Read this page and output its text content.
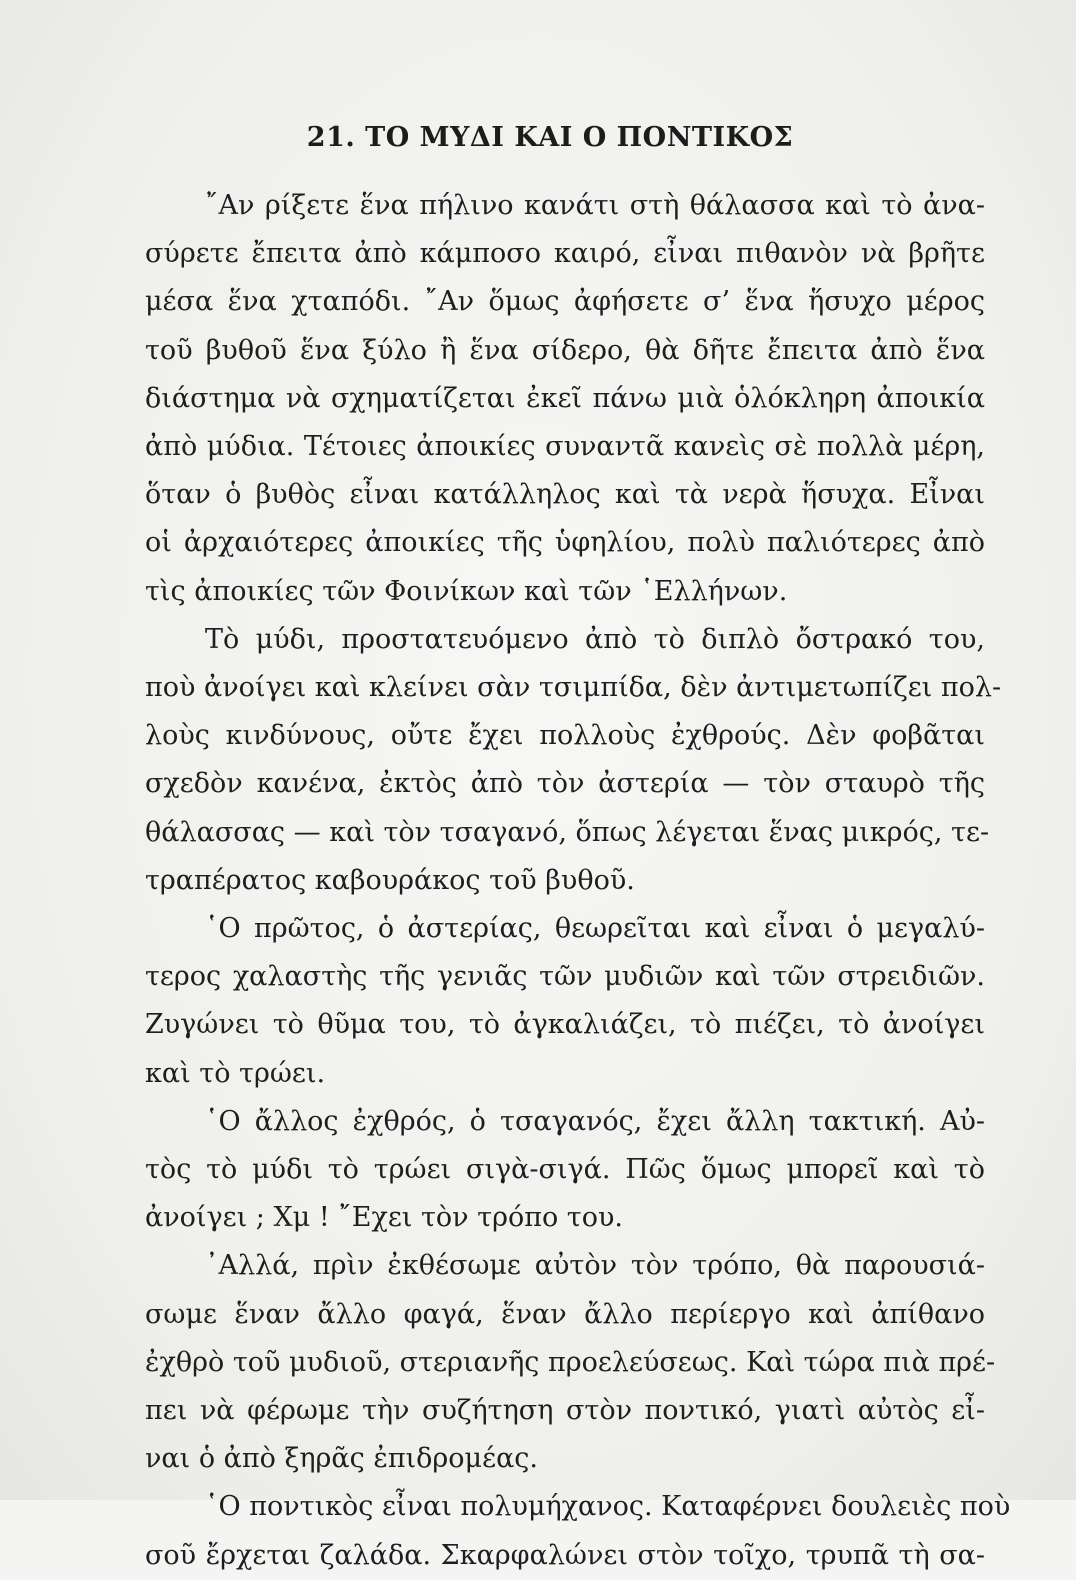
21. ΤΟ ΜΥΔΙ ΚΑΙ Ο ΠΟΝΤΙΚΟΣ
῎Αν ρίξετε ἕνα πήλινο κανάτι στὴ θάλασσα καὶ τὸ ἀνα-
σύρετε ἔπειτα ἀπὸ κάμποσο καιρό, εἶναι πιθανὸν νὰ βρῆτε
μέσα ἕνα χταπόδι. ῎Αν ὅμως ἀφήσετε σ’ ἕνα ἥσυχο μέρος
τοῦ βυθοῦ ἕνα ξύλο ἢ ἕνα σίδερο, θὰ δῆτε ἔπειτα ἀπὸ ἕνα
διάστημα νὰ σχηματίζεται ἐκεῖ πάνω μιὰ ὁλόκληρη ἀποικία
ἀπὸ μύδια. Τέτοιες ἀποικίες συναντᾶ κανεὶς σὲ πολλὰ μέρη,
ὅταν ὁ βυθὸς εἶναι κατάλληλος καὶ τὰ νερὰ ἥσυχα. Εἶναι
οἱ ἀρχαιότερες ἀποικίες τῆς ὑφηλίου, πολὺ παλιότερες ἀπὸ
τὶς ἀποικίες τῶν Φοινίκων καὶ τῶν ῾Ελλήνων.
Τὸ μύδι, προστατευόμενο ἀπὸ τὸ διπλὸ ὄστρακό του,
ποὺ ἀνοίγει καὶ κλείνει σὰν τσιμπίδα, δὲν ἀντιμετωπίζει πολ-
λοὺς κινδύνους, οὔτε ἔχει πολλοὺς ἐχθρούς. Δὲν φοβᾶται
σχεδὸν κανένα, ἐκτὸς ἀπὸ τὸν ἀστερία — τὸν σταυρὸ τῆς
θάλασσας — καὶ τὸν τσαγανό, ὅπως λέγεται ἕνας μικρός, τε-
τραπέρατος καβουράκος τοῦ βυθοῦ.
῾Ο πρῶτος, ὁ ἀστερίας, θεωρεῖται καὶ εἶναι ὁ μεγαλύ-
τερος χαλαστὴς τῆς γενιᾶς τῶν μυδιῶν καὶ τῶν στρειδιῶν.
Ζυγώνει τὸ θῦμα του, τὸ ἀγκαλιάζει, τὸ πιέζει, τὸ ἀνοίγει
καὶ τὸ τρώει.
῾Ο ἄλλος ἐχθρός, ὁ τσαγανός, ἔχει ἄλλη τακτική. Αὐ-
τὸς τὸ μύδι τὸ τρώει σιγὰ-σιγά. Πῶς ὅμως μπορεῖ καὶ τὸ
ἀνοίγει ; Χμ ! ῎Εχει τὸν τρόπο του.
᾿Αλλά, πρὶν ἐκθέσωμε αὐτὸν τὸν τρόπο, θὰ παρουσιά-
σωμε ἕναν ἄλλο φαγά, ἕναν ἄλλο περίεργο καὶ ἀπίθανο
ἐχθρὸ τοῦ μυδιοῦ, στεριανῆς προελεύσεως. Καὶ τώρα πιὰ πρέ-
πει νὰ φέρωμε τὴν συζήτηση στὸν ποντικό, γιατὶ αὐτὸς εἶ-
ναι ὁ ἀπὸ ξηρᾶς ἐπιδρομέας.
῾Ο ποντικὸς εἶναι πολυμήχανος. Καταφέρνει δουλειὲς ποὺ
σοῦ ἔρχεται ζαλάδα. Σκαρφαλώνει στὸν τοῖχο, τρυπᾶ τὴ σα-
